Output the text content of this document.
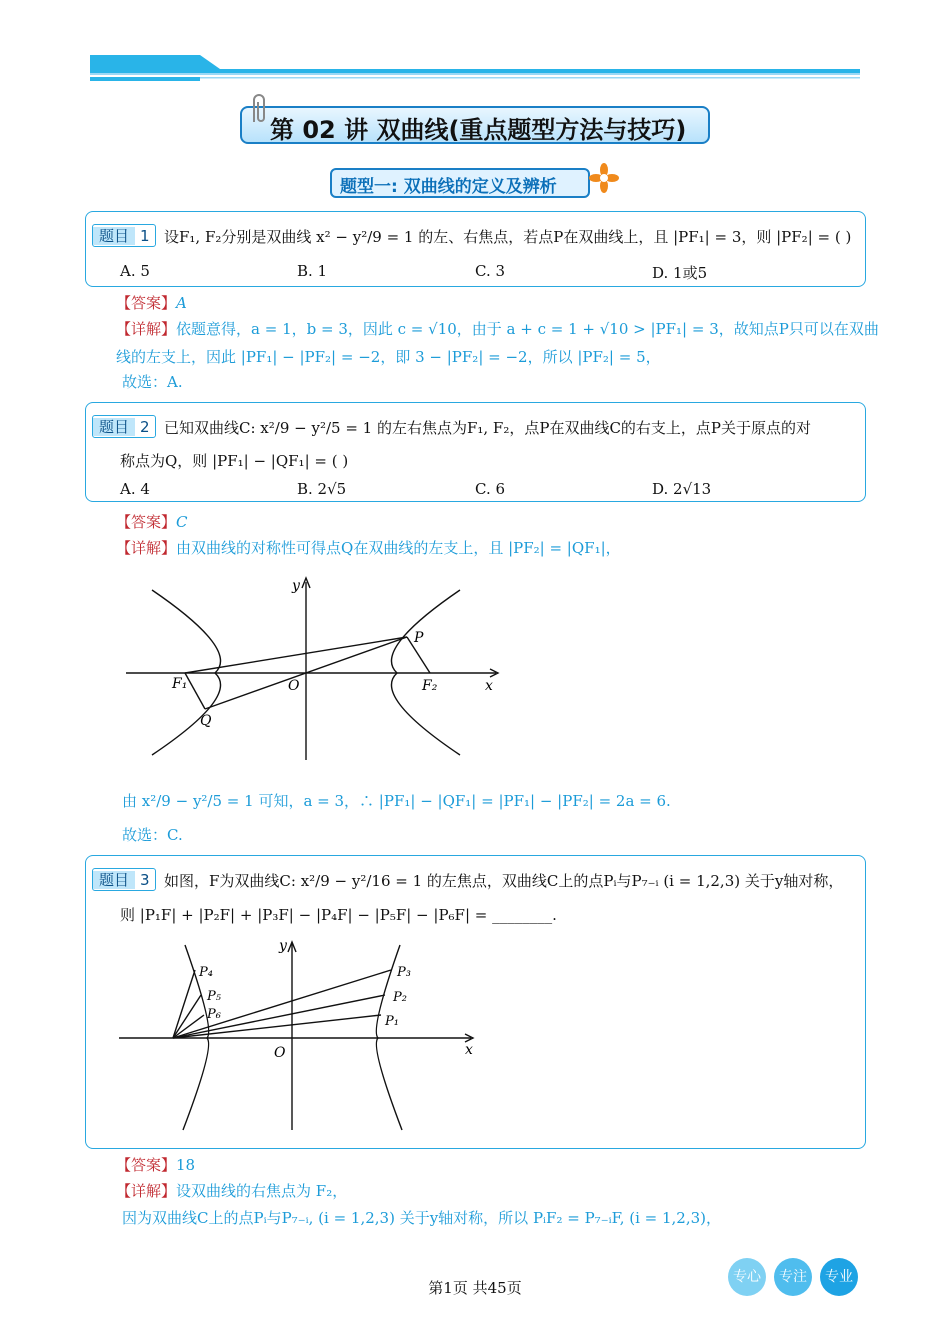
第 02 讲 双曲线(重点题型方法与技巧)
题型一: 双曲线的定义及辨析
题目 1 设F₁, F₂分别是双曲线 x² − y²/9 = 1 的左、右焦点，若点P在双曲线上，且 |PF₁| = 3，则 |PF₂| = ( )
A. 5	B. 1	C. 3	D. 1或5
【答案】A
【详解】依题意得，a = 1，b = 3，因此 c = √10，由于 a + c = 1 + √10 > |PF₁| = 3，故知点P只可以在双曲
线的左支上，因此 |PF₁| − |PF₂| = −2，即 3 − |PF₂| = −2，所以 |PF₂| = 5，
故选：A.
题目 2 已知双曲线C: x²/9 − y²/5 = 1 的左右焦点为F₁, F₂，点P在双曲线C的右支上，点P关于原点的对
称点为Q，则 |PF₁| − |QF₁| = ( )
A. 4	B. 2√5	C. 6	D. 2√13
【答案】C
【详解】由双曲线的对称性可得点Q在双曲线的左支上，且 |PF₂| = |QF₁|，
y
P
F₁	O	F₂	x
Q
由 x²/9 − y²/5 = 1 可知，a = 3，∴ |PF₁| − |QF₁| = |PF₁| − |PF₂| = 2a = 6.
故选：C.
题目 3 如图，F为双曲线C: x²/9 − y²/16 = 1 的左焦点，双曲线C上的点Pᵢ与P₇₋ᵢ (i = 1,2,3) 关于y轴对称，
则 |P₁F| + |P₂F| + |P₃F| − |P₄F| − |P₅F| − |P₆F| = ________.
y
P₄	P₃
P₅	P₂
P₆	P₁
O	x
【答案】18
【详解】设双曲线的右焦点为 F₂，
因为双曲线C上的点Pᵢ与P₇₋ᵢ, (i = 1,2,3) 关于y轴对称，所以 PᵢF₂ = P₇₋ᵢF, (i = 1,2,3)，
第1页 共45页
专心	专注	专业
